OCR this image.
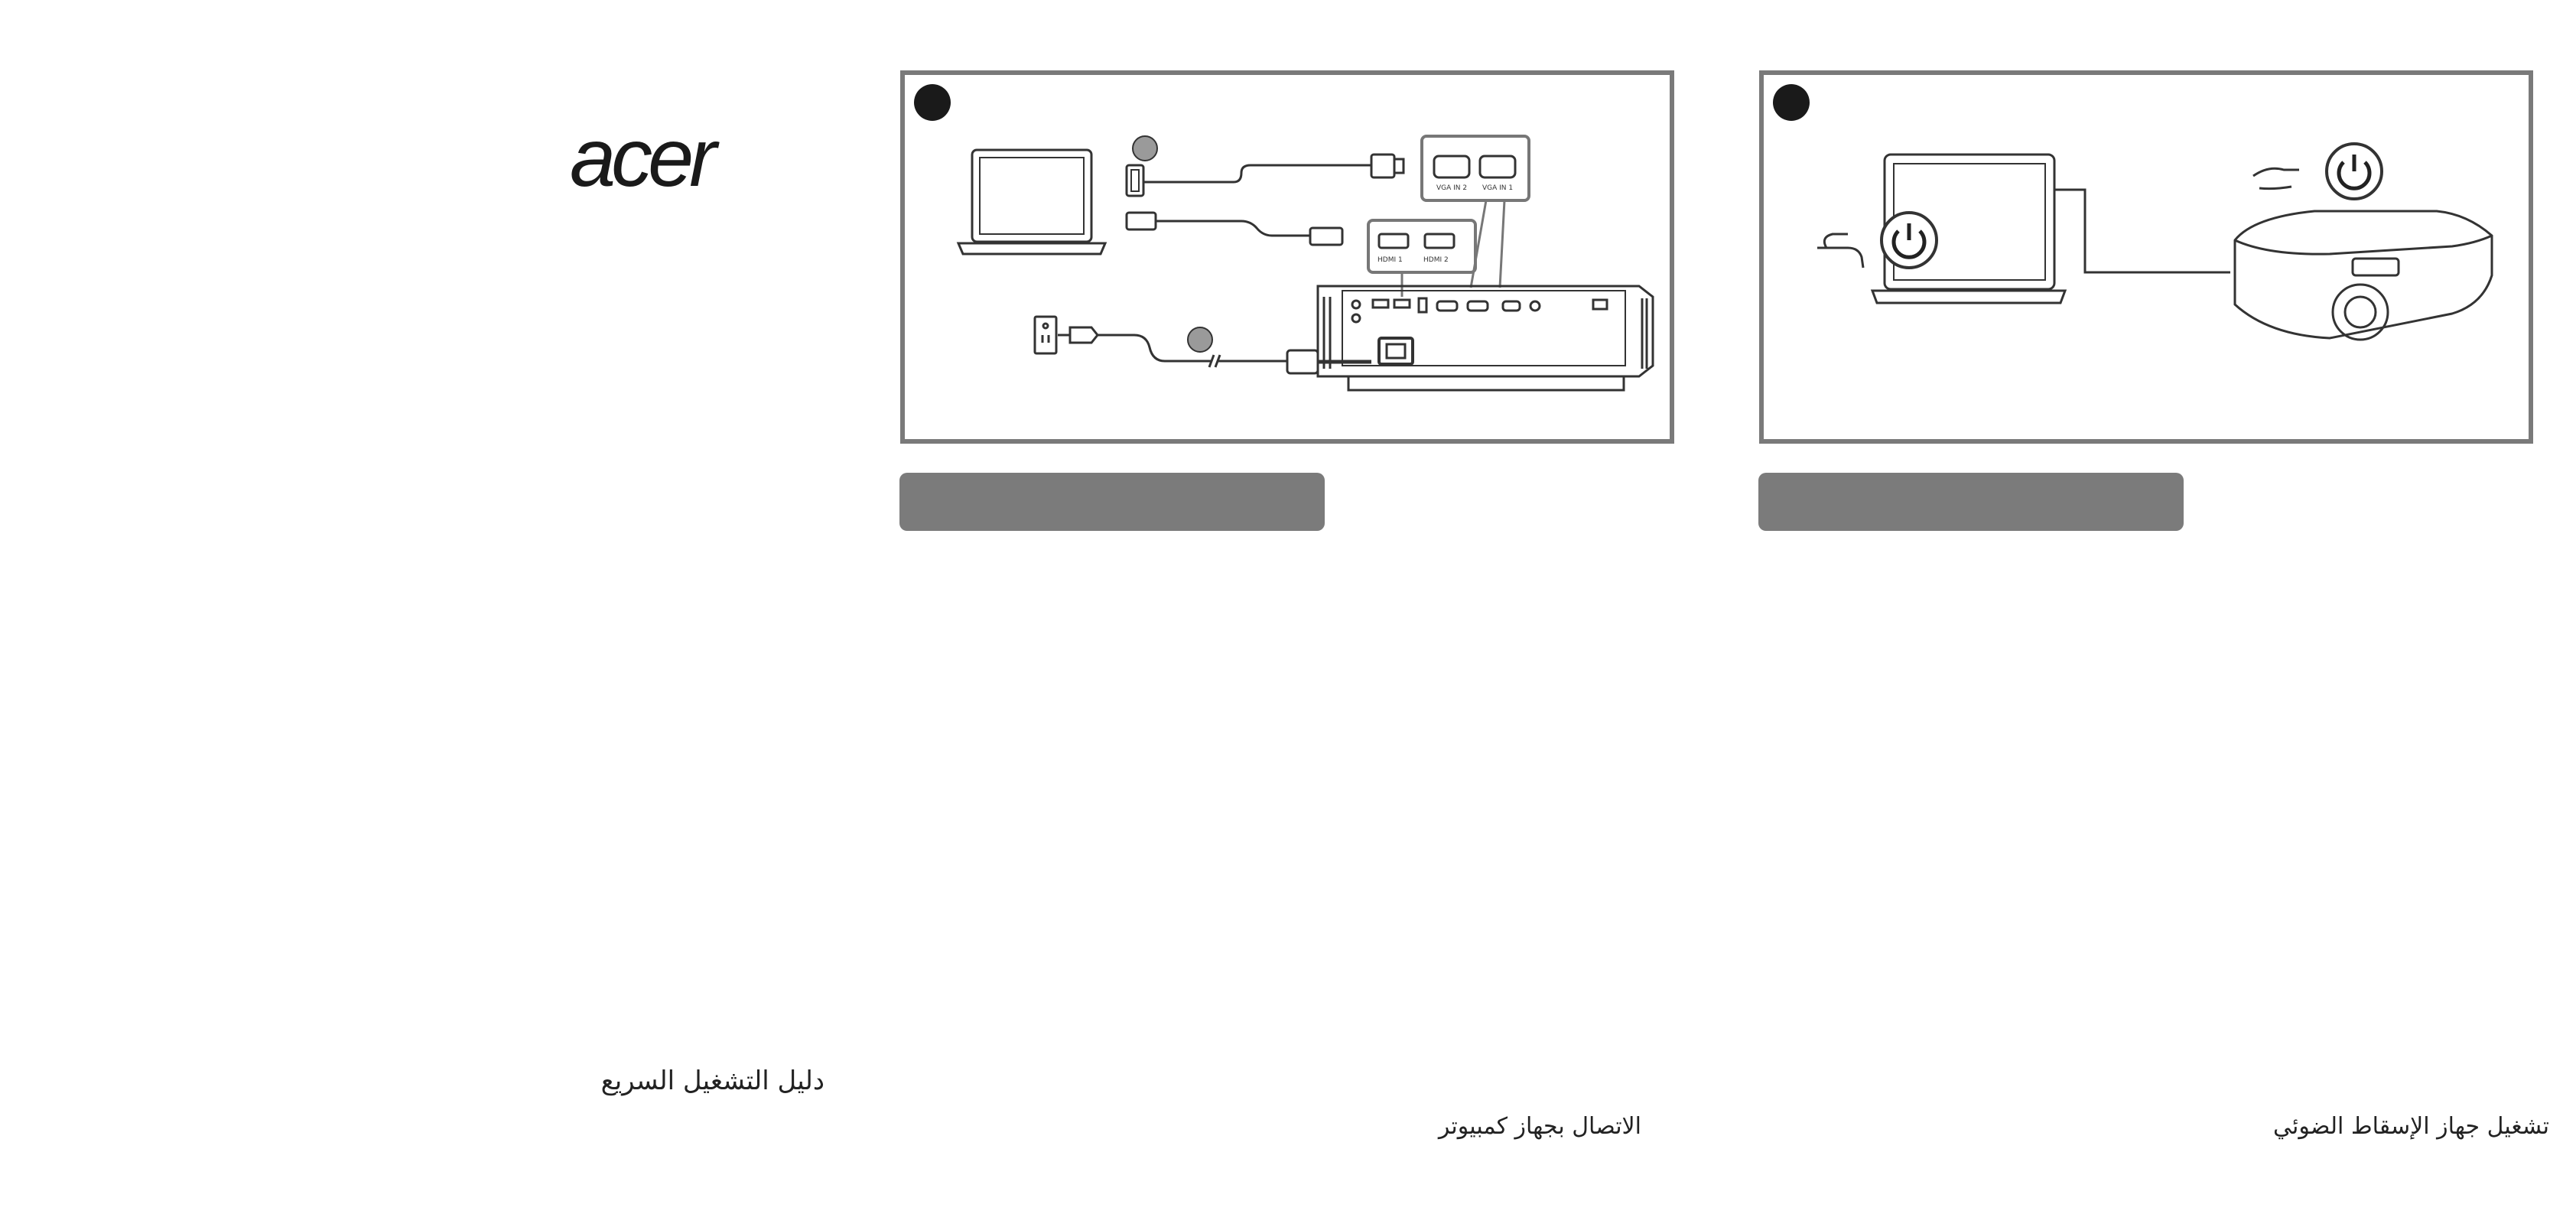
acer	VGA IN 2 VGA IN 1
HDMI 1	HDMI 2
دليل التشغيل السريع
الاتصال بجهاز كمبيوتر	تشغيل جهاز الإسقاط الضوئي
